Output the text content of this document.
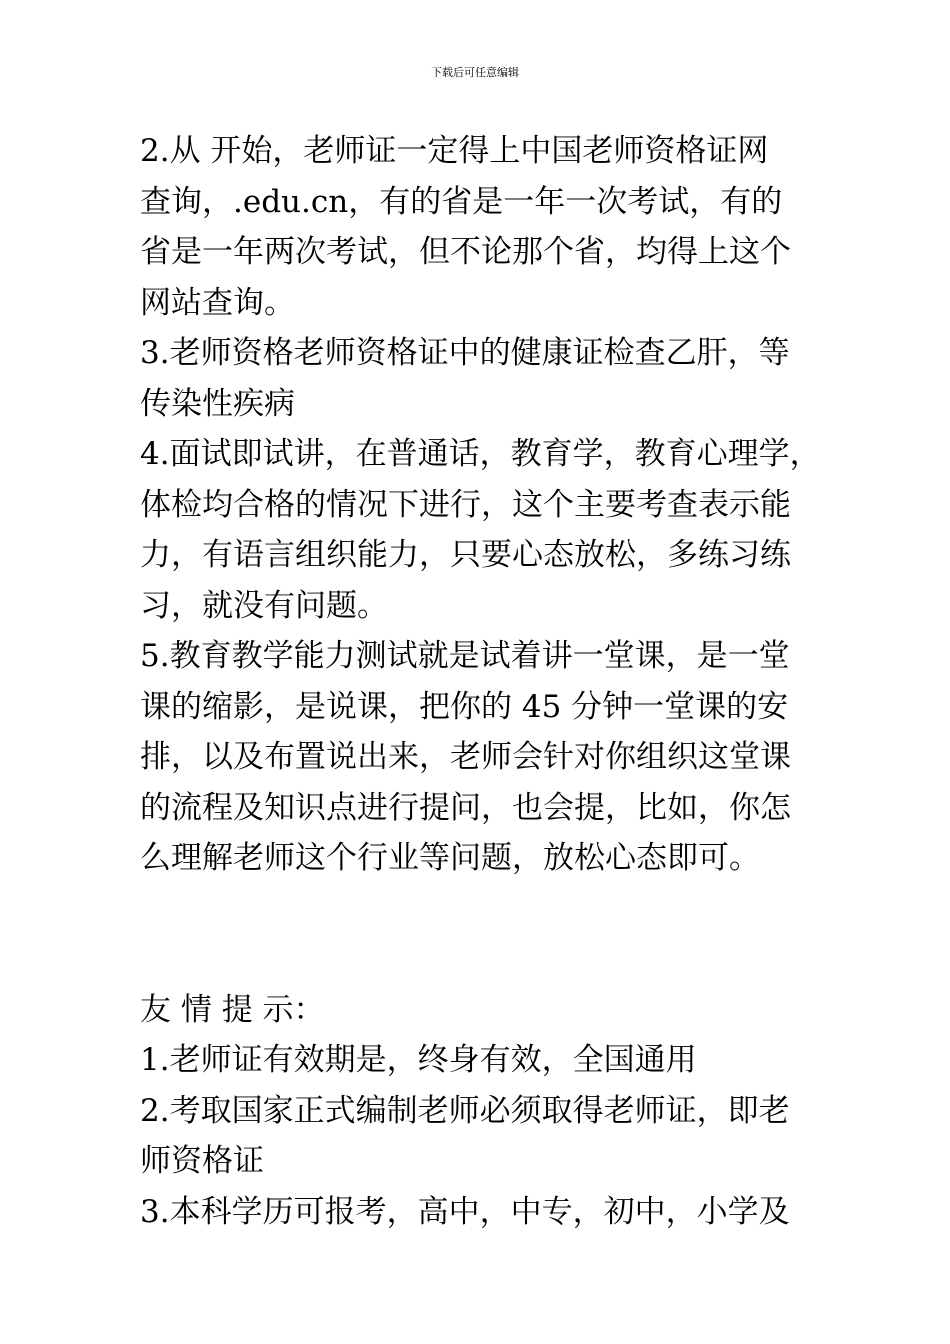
下载后可任意编辑
2.从 开始，老师证一定得上中国老师资格证网
查询，.edu.cn，有的省是一年一次考试，有的
省是一年两次考试，但不论那个省，均得上这个
网站查询。
3.老师资格老师资格证中的健康证检查乙肝，等
传染性疾病
4.面试即试讲，在普通话，教育学，教育心理学，
体检均合格的情况下进行，这个主要考查表示能
力，有语言组织能力，只要心态放松，多练习练
习，就没有问题。
5.教育教学能力测试就是试着讲一堂课，是一堂
课的缩影，是说课，把你的 45 分钟一堂课的安
排，以及布置说出来，老师会针对你组织这堂课
的流程及知识点进行提问，也会提，比如，你怎
么理解老师这个行业等问题，放松心态即可。
友 情 提 示：
1.老师证有效期是，终身有效，全国通用
2.考取国家正式编制老师必须取得老师证，即老
师资格证
3.本科学历可报考，高中，中专，初中，小学及
